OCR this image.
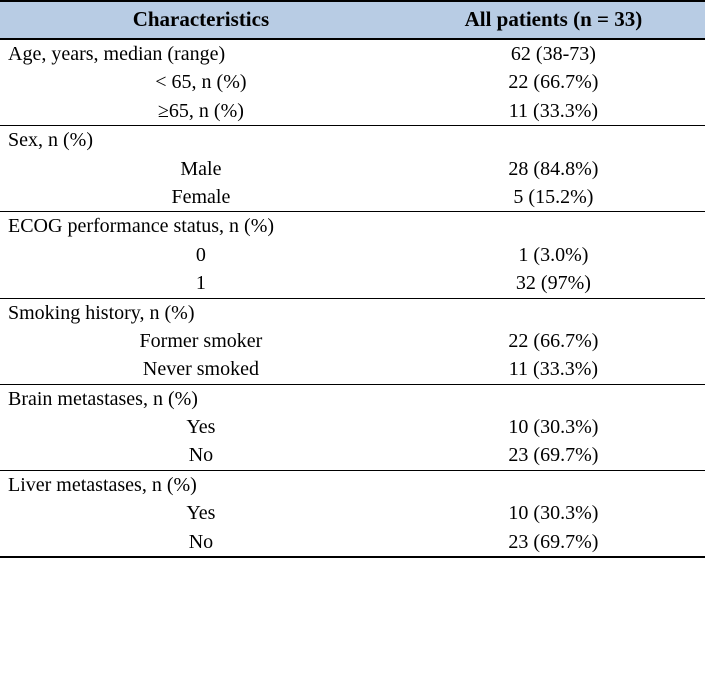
Characteristics	All patients (n = 33)
Age, years, median (range)	62 (38-73)
< 65, n (%)	22 (66.7%)
≥65, n (%)	11 (33.3%)
Sex, n (%)	
Male	28 (84.8%)
Female	5 (15.2%)
ECOG performance status, n (%)	
0	1 (3.0%)
1	32 (97%)
Smoking history, n (%)	
Former smoker	22 (66.7%)
Never smoked	11 (33.3%)
Brain metastases, n (%)	
Yes	10 (30.3%)
No	23 (69.7%)
Liver metastases, n (%)	
Yes	10 (30.3%)
No	23 (69.7%)
